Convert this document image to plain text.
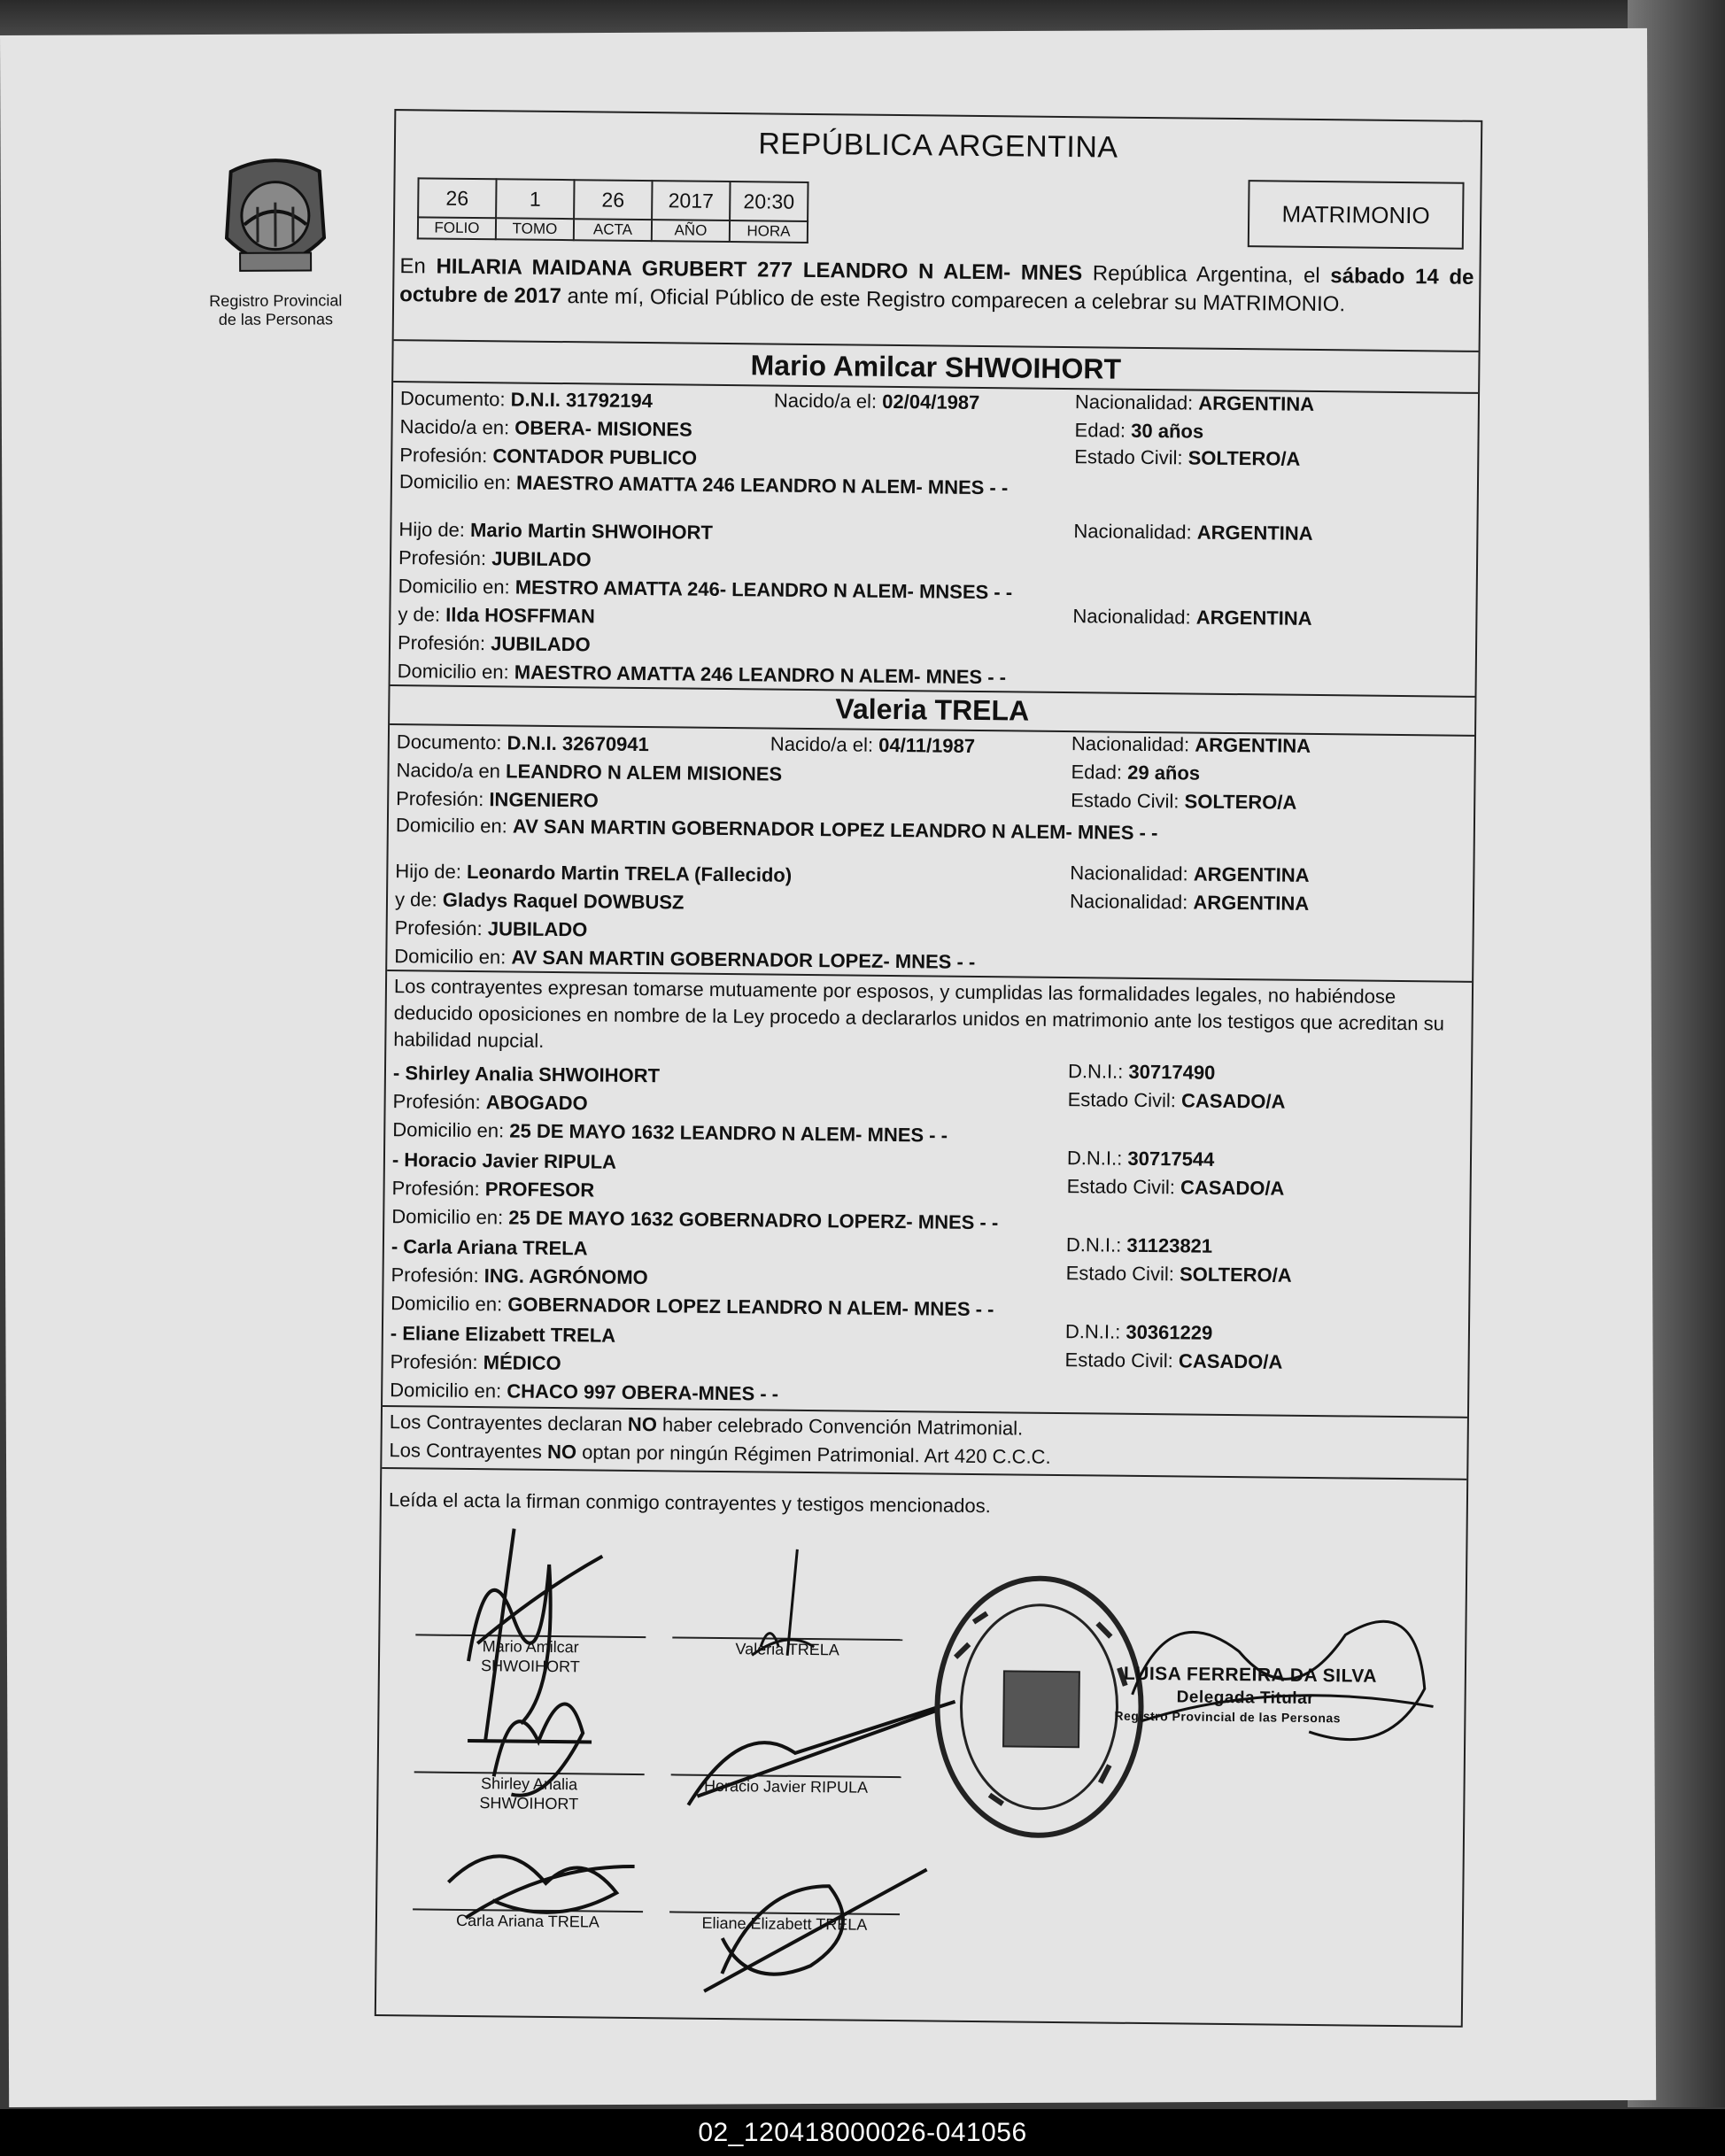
Registro Provincial
de las Personas
REPÚBLICA ARGENTINA
26	1	26	2017	20:30
FOLIO	TOMO	ACTA	AÑO	HORA
MATRIMONIO
En HILARIA MAIDANA GRUBERT 277 LEANDRO N ALEM- MNES República Argentina, el sábado 14 de octubre de 2017 ante mí, Oficial Público de este Registro comparecen a celebrar su MATRIMONIO.
Mario Amilcar SHWOIHORT
Documento: D.N.I. 31792194	Nacido/a el: 02/04/1987	Nacionalidad: ARGENTINA
Nacido/a en: OBERA- MISIONES	Edad: 30 años
Profesión: CONTADOR PUBLICO	Estado Civil: SOLTERO/A
Domicilio en: MAESTRO AMATTA 246 LEANDRO N ALEM- MNES - -
Hijo de: Mario Martin SHWOIHORT	Nacionalidad: ARGENTINA
Profesión: JUBILADO
Domicilio en: MESTRO AMATTA 246- LEANDRO N ALEM- MNSES - -
y de: Ilda HOSFFMAN	Nacionalidad: ARGENTINA
Profesión: JUBILADO
Domicilio en: MAESTRO AMATTA 246 LEANDRO N ALEM- MNES - -
Valeria TRELA
Documento: D.N.I. 32670941	Nacido/a el: 04/11/1987	Nacionalidad: ARGENTINA
Nacido/a en LEANDRO N ALEM MISIONES	Edad: 29 años
Profesión: INGENIERO	Estado Civil: SOLTERO/A
Domicilio en: AV SAN MARTIN GOBERNADOR LOPEZ LEANDRO N ALEM- MNES - -
Hijo de: Leonardo Martin TRELA (Fallecido)	Nacionalidad: ARGENTINA
y de: Gladys Raquel DOWBUSZ	Nacionalidad: ARGENTINA
Profesión: JUBILADO
Domicilio en: AV SAN MARTIN GOBERNADOR LOPEZ- MNES - -
Los contrayentes expresan tomarse mutuamente por esposos, y cumplidas las formalidades legales, no habiéndose deducido oposiciones en nombre de la Ley procedo a declararlos unidos en matrimonio ante los testigos que acreditan su habilidad nupcial.
- Shirley Analia SHWOIHORT	D.N.I.: 30717490
Profesión: ABOGADO	Estado Civil: CASADO/A
Domicilio en: 25 DE MAYO 1632 LEANDRO N ALEM- MNES - -
- Horacio Javier RIPULA	D.N.I.: 30717544
Profesión: PROFESOR	Estado Civil: CASADO/A
Domicilio en: 25 DE MAYO 1632 GOBERNADRO LOPERZ- MNES - -
- Carla Ariana TRELA	D.N.I.: 31123821
Profesión: ING. AGRÓNOMO	Estado Civil: SOLTERO/A
Domicilio en: GOBERNADOR LOPEZ LEANDRO N ALEM- MNES - -
- Eliane Elizabett TRELA	D.N.I.: 30361229
Profesión: MÉDICO	Estado Civil: CASADO/A
Domicilio en: CHACO 997 OBERA-MNES - -
Los Contrayentes declaran NO haber celebrado Convención Matrimonial.
Los Contrayentes NO optan por ningún Régimen Patrimonial. Art 420 C.C.C.
Leída el acta la firman conmigo contrayentes y testigos mencionados.
Mario Amilcar
SHWOIHORT
Valeria TRELA
Shirley Analia
SHWOIHORT
Horacio Javier RIPULA
Carla Ariana TRELA	Eliane Elizabett TRELA
LUISA FERREIRA DA SILVA
Delegada Titular
Registro Provincial de las Personas
02_120418000026-041056
